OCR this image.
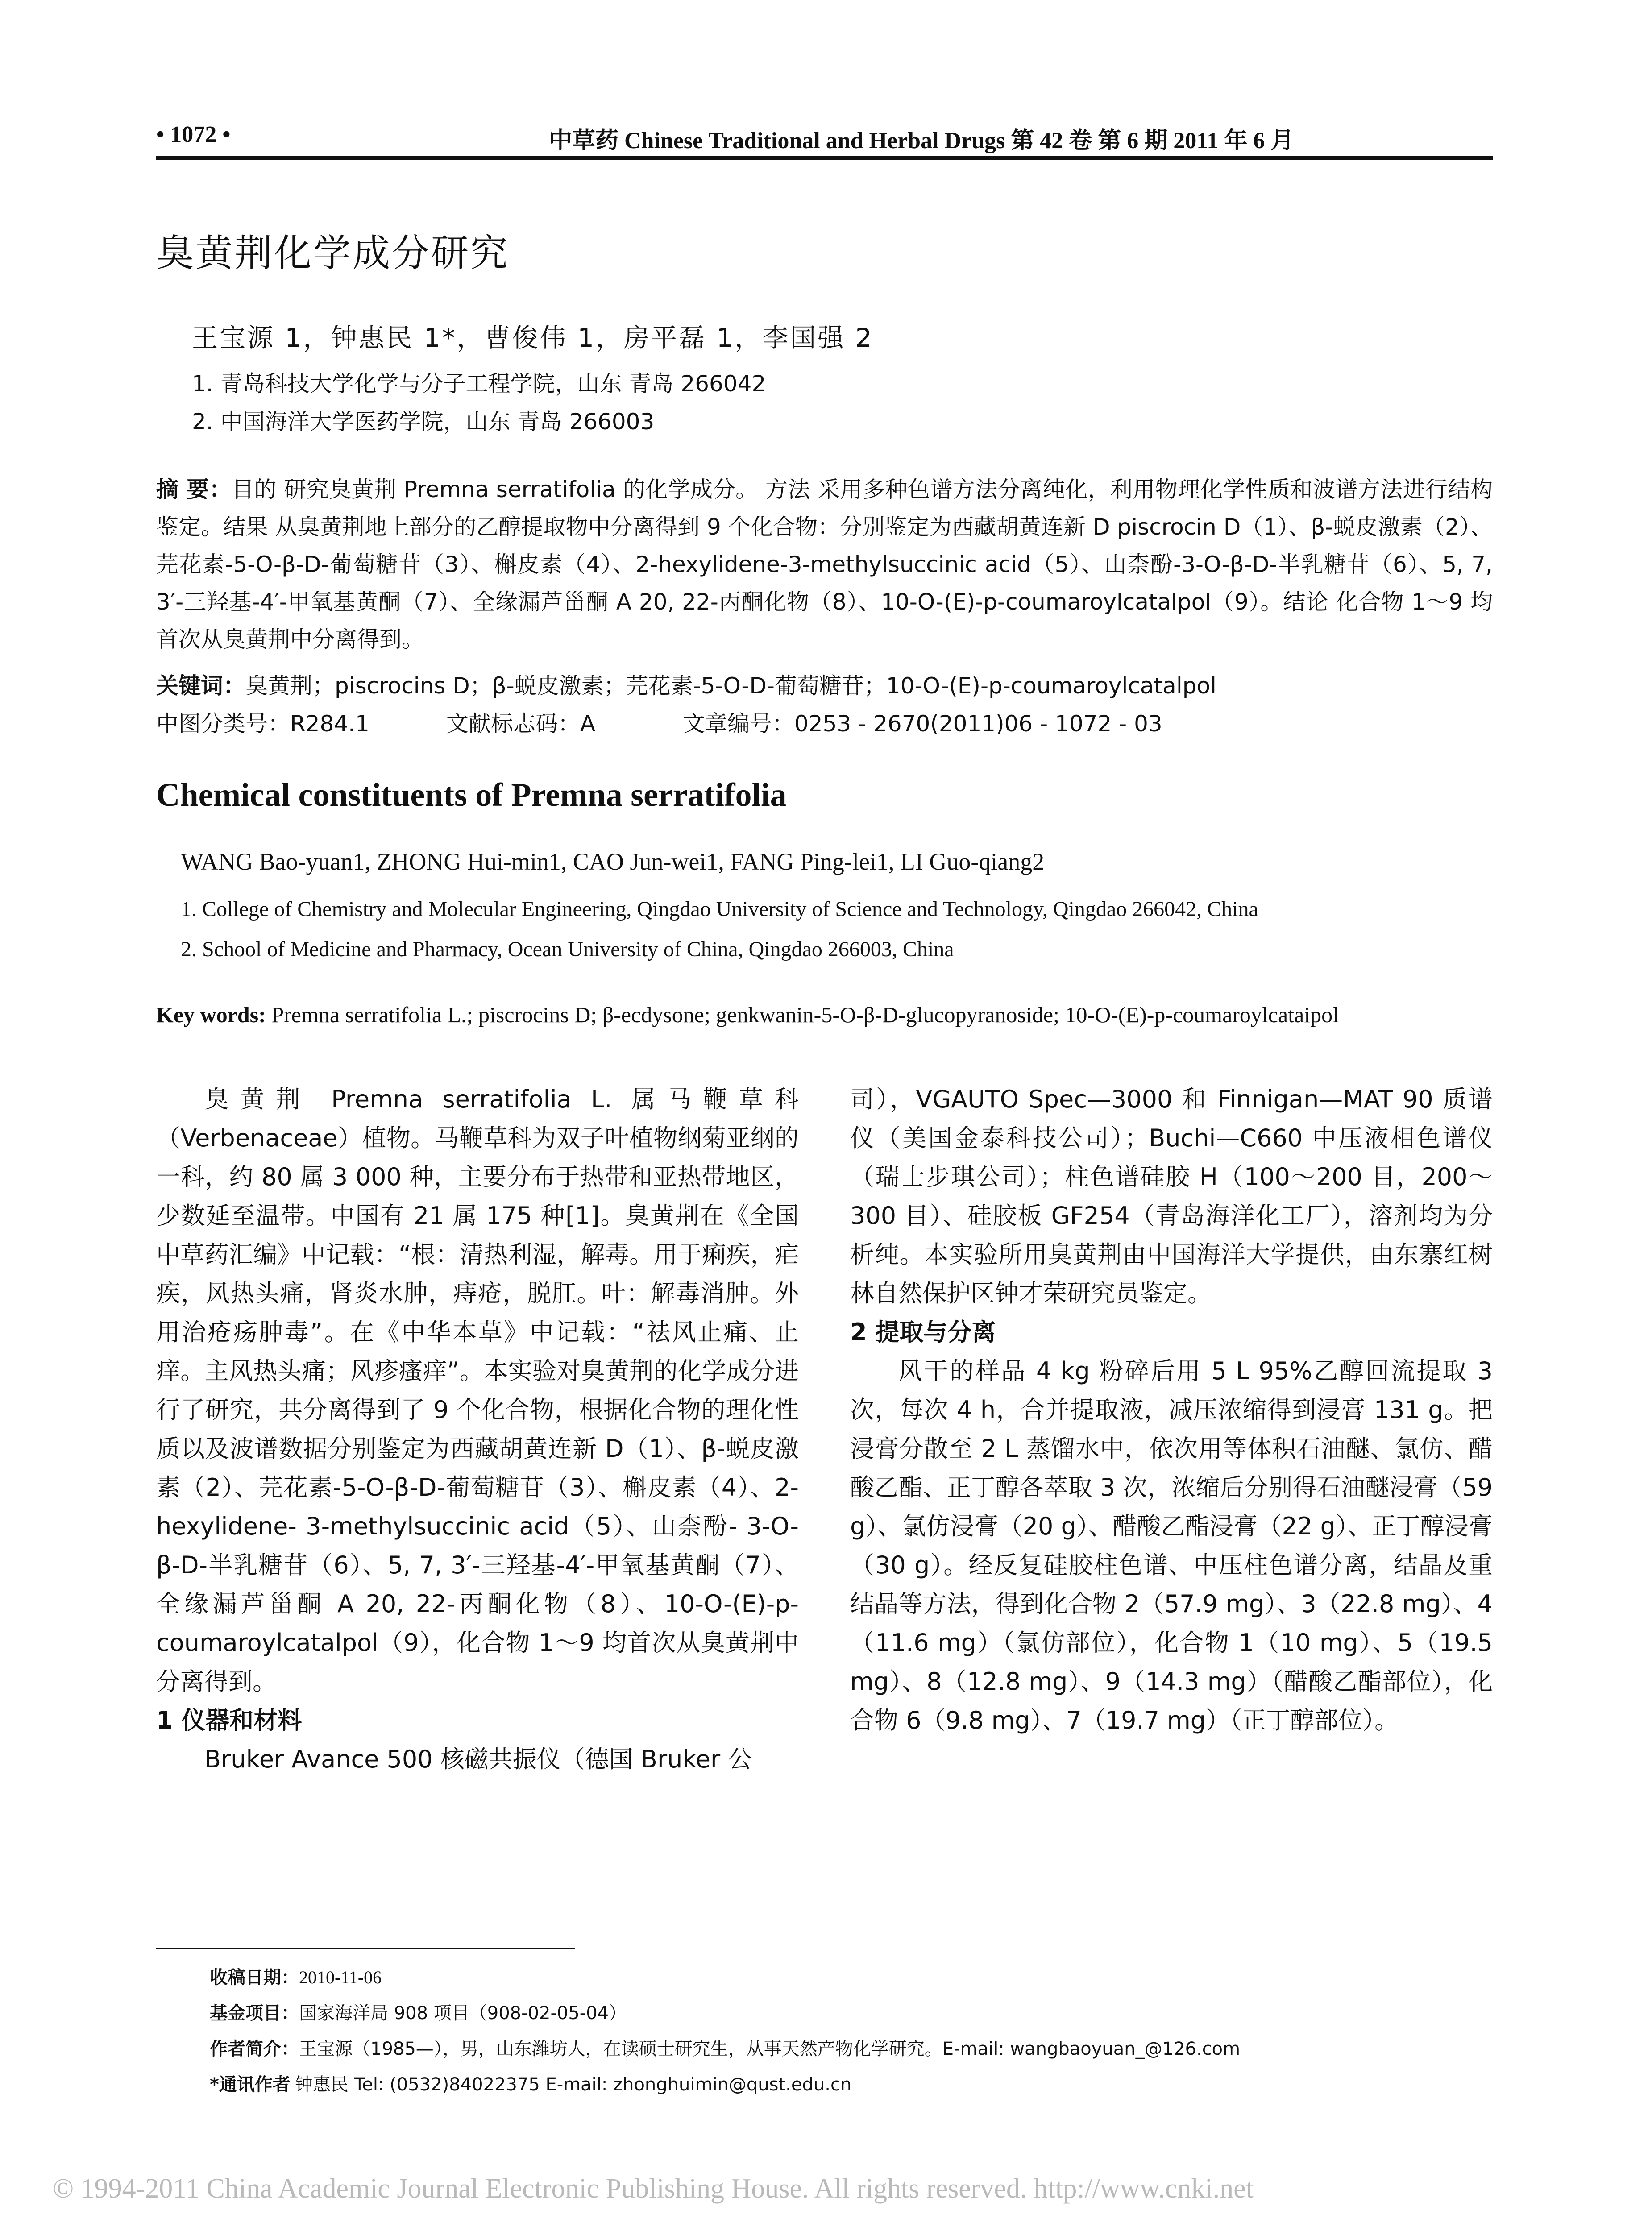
• 1072 •	中草药 Chinese Traditional and Herbal Drugs 第 42 卷 第 6 期 2011 年 6 月
臭黄荆化学成分研究
王宝源 1，钟惠民 1*，曹俊伟 1，房平磊 1，李国强 2
1. 青岛科技大学化学与分子工程学院，山东 青岛 266042
2. 中国海洋大学医药学院，山东 青岛 266003
摘 要：目的 研究臭黄荆 Premna serratifolia 的化学成分。 方法 采用多种色谱方法分离纯化，利用物理化学性质和波谱方法进行结构鉴定。结果 从臭黄荆地上部分的乙醇提取物中分离得到 9 个化合物：分别鉴定为西藏胡黄连新 D piscrocin D（1）、β-蜕皮激素（2）、芫花素-5-O-β-D-葡萄糖苷（3）、槲皮素（4）、2-hexylidene-3-methylsuccinic acid（5）、山柰酚-3-O-β-D-半乳糖苷（6）、5, 7, 3′-三羟基-4′-甲氧基黄酮（7）、全缘漏芦甾酮 A 20, 22-丙酮化物（8）、10-O-(E)-p-coumaroylcatalpol（9）。结论 化合物 1～9 均首次从臭黄荆中分离得到。
关键词：臭黄荆；piscrocins D；β-蜕皮激素；芫花素-5-O-D-葡萄糖苷；10-O-(E)-p-coumaroylcatalpol
中图分类号：R284.1	文献标志码：A	文章编号：0253 - 2670(2011)06 - 1072 - 03
Chemical constituents of Premna serratifolia
WANG Bao-yuan1, ZHONG Hui-min1, CAO Jun-wei1, FANG Ping-lei1, LI Guo-qiang2
1. College of Chemistry and Molecular Engineering, Qingdao University of Science and Technology, Qingdao 266042, China
2. School of Medicine and Pharmacy, Ocean University of China, Qingdao 266003, China
Key words: Premna serratifolia L.; piscrocins D; β-ecdysone; genkwanin-5-O-β-D-glucopyranoside; 10-O-(E)-p-coumaroylcataipol

臭黄荆 Premna serratifolia L. 属马鞭草科（Verbenaceae）植物。马鞭草科为双子叶植物纲菊亚纲的一科，约 80 属 3 000 种，主要分布于热带和亚热带地区，少数延至温带。中国有 21 属 175 种[1]。臭黄荆在《全国中草药汇编》中记载：“根：清热利湿，解毒。用于痢疾，疟疾，风热头痛，肾炎水肿，痔疮，脱肛。叶：解毒消肿。外用治疮疡肿毒”。在《中华本草》中记载：“祛风止痛、止痒。主风热头痛；风疹瘙痒”。本实验对臭黄荆的化学成分进行了研究，共分离得到了 9 个化合物，根据化合物的理化性质以及波谱数据分别鉴定为西藏胡黄连新 D（1）、β-蜕皮激素（2）、芫花素-5-O-β-D-葡萄糖苷（3）、槲皮素（4）、2-hexylidene- 3-methylsuccinic acid（5）、山柰酚- 3-O-β-D-半乳糖苷（6）、5, 7, 3′-三羟基-4′-甲氧基黄酮（7）、全缘漏芦甾酮 A 20, 22-丙酮化物（8）、10-O-(E)-p-coumaroylcatalpol（9），化合物 1～9 均首次从臭黄荆中分离得到。

1 仪器和材料

Bruker Avance 500 核磁共振仪（德国 Bruker 公

司），VGAUTO Spec—3000 和 Finnigan—MAT 90 质谱仪（美国金泰科技公司）；Buchi—C660 中压液相色谱仪（瑞士步琪公司）；柱色谱硅胶 H（100～200 目，200～300 目）、硅胶板 GF254（青岛海洋化工厂），溶剂均为分析纯。本实验所用臭黄荆由中国海洋大学提供，由东寨红树林自然保护区钟才荣研究员鉴定。

2 提取与分离

风干的样品 4 kg 粉碎后用 5 L 95%乙醇回流提取 3 次，每次 4 h，合并提取液，减压浓缩得到浸膏 131 g。把浸膏分散至 2 L 蒸馏水中，依次用等体积石油醚、氯仿、醋酸乙酯、正丁醇各萃取 3 次，浓缩后分别得石油醚浸膏（59 g）、氯仿浸膏（20 g）、醋酸乙酯浸膏（22 g）、正丁醇浸膏（30 g）。经反复硅胶柱色谱、中压柱色谱分离，结晶及重结晶等方法，得到化合物 2（57.9 mg）、3（22.8 mg）、4（11.6 mg）（氯仿部位），化合物 1（10 mg）、5（19.5 mg）、8（12.8 mg）、9（14.3 mg）（醋酸乙酯部位），化合物 6（9.8 mg）、7（19.7 mg）（正丁醇部位）。

收稿日期：2010-11-06
基金项目：国家海洋局 908 项目（908-02-05-04）
作者简介：王宝源（1985—），男，山东潍坊人，在读硕士研究生，从事天然产物化学研究。E-mail: wangbaoyuan_@126.com
*通讯作者 钟惠民 Tel: (0532)84022375 E-mail: zhonghuimin@qust.edu.cn
© 1994-2011 China Academic Journal Electronic Publishing House. All rights reserved. http://www.cnki.net
